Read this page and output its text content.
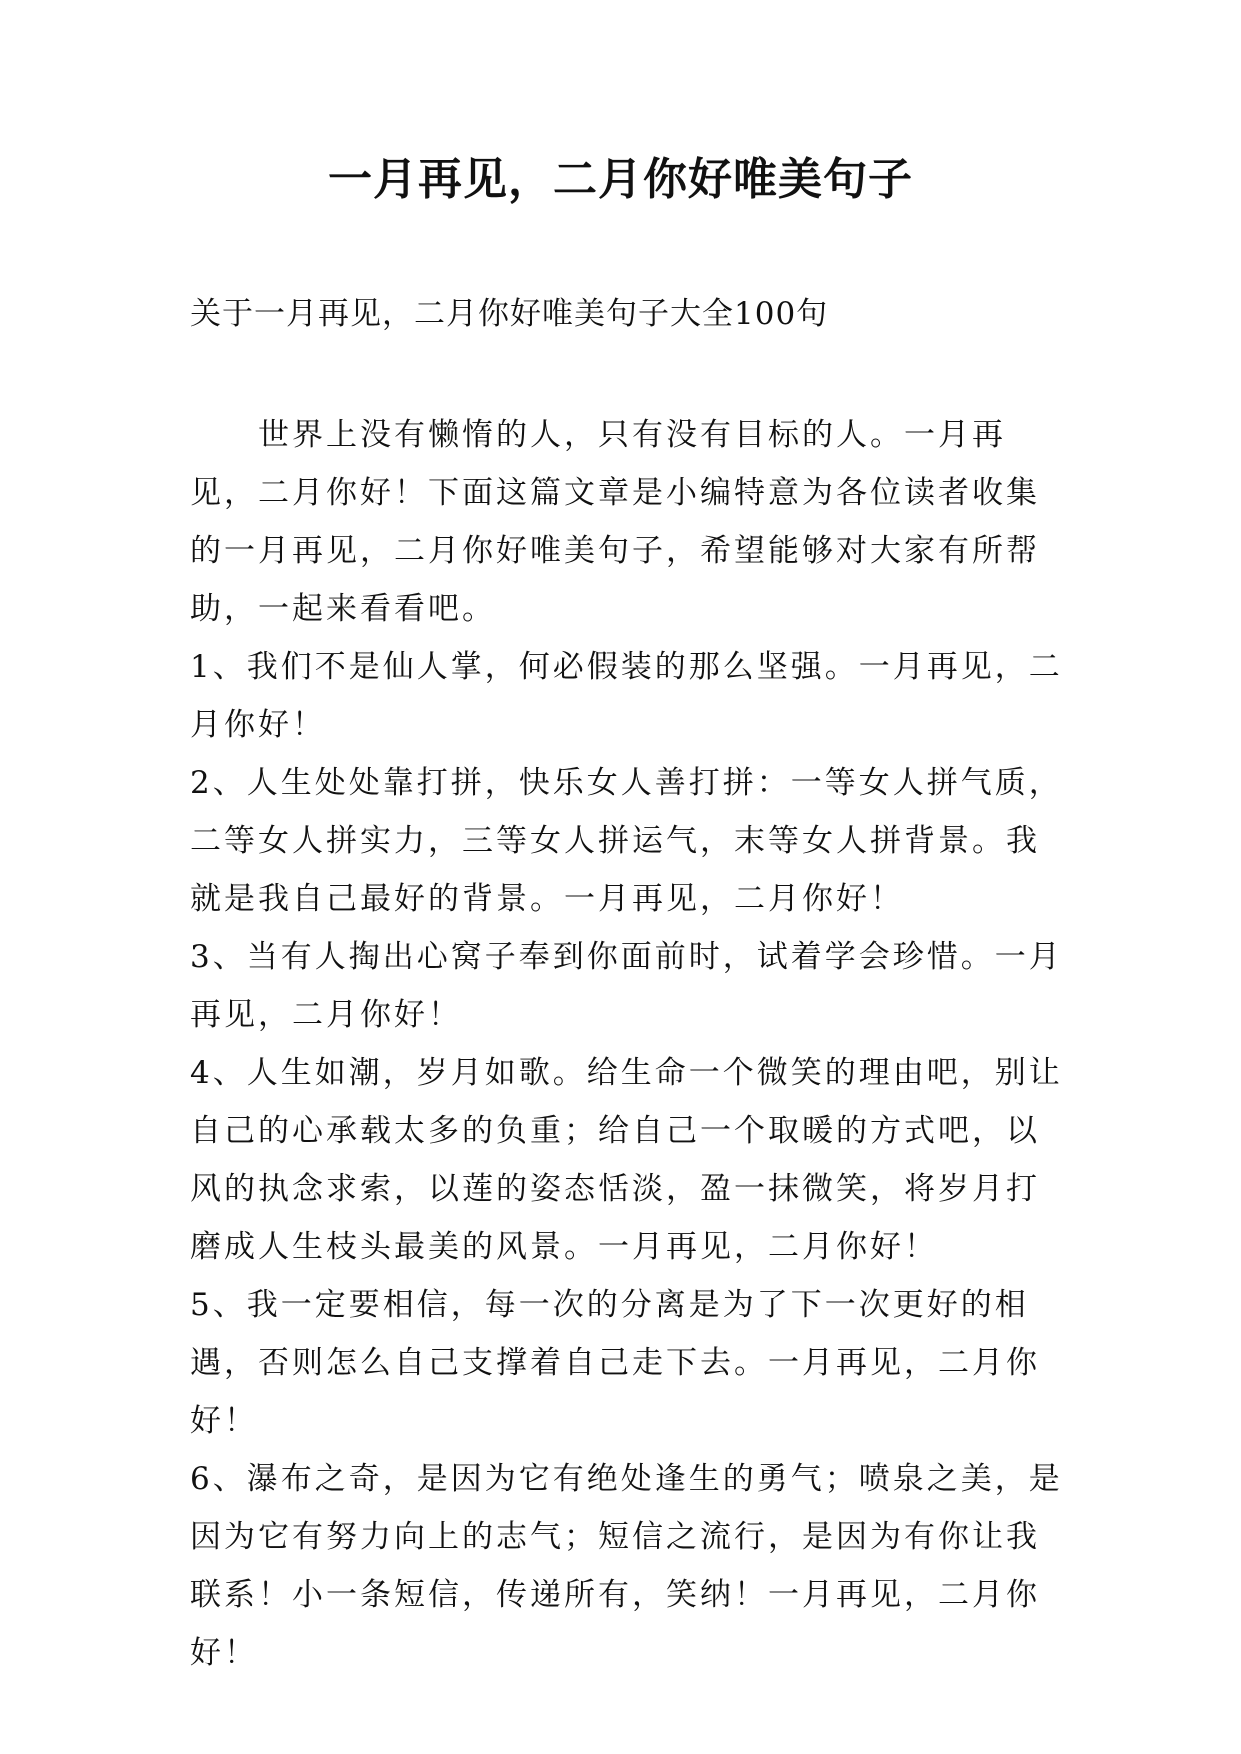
一月再见，二月你好唯美句子

关于一月再见，二月你好唯美句子大全100句

世界上没有懒惰的人，只有没有目标的人。一月再见，二月你好！下面这篇文章是小编特意为各位读者收集的一月再见，二月你好唯美句子，希望能够对大家有所帮助，一起来看看吧。

1、我们不是仙人掌，何必假装的那么坚强。一月再见，二月你好！

2、人生处处靠打拼，快乐女人善打拼：一等女人拼气质，二等女人拼实力，三等女人拼运气，末等女人拼背景。我就是我自己最好的背景。一月再见，二月你好！

3、当有人掏出心窝子奉到你面前时，试着学会珍惜。一月再见，二月你好！

4、人生如潮，岁月如歌。给生命一个微笑的理由吧，别让自己的心承载太多的负重；给自己一个取暖的方式吧，以风的执念求索，以莲的姿态恬淡，盈一抹微笑，将岁月打磨成人生枝头最美的风景。一月再见，二月你好！

5、我一定要相信，每一次的分离是为了下一次更好的相遇，否则怎么自己支撑着自己走下去。一月再见，二月你好！

6、瀑布之奇，是因为它有绝处逢生的勇气；喷泉之美，是因为它有努力向上的志气；短信之流行，是因为有你让我联系！小一条短信，传递所有，笑纳！一月再见，二月你好！
